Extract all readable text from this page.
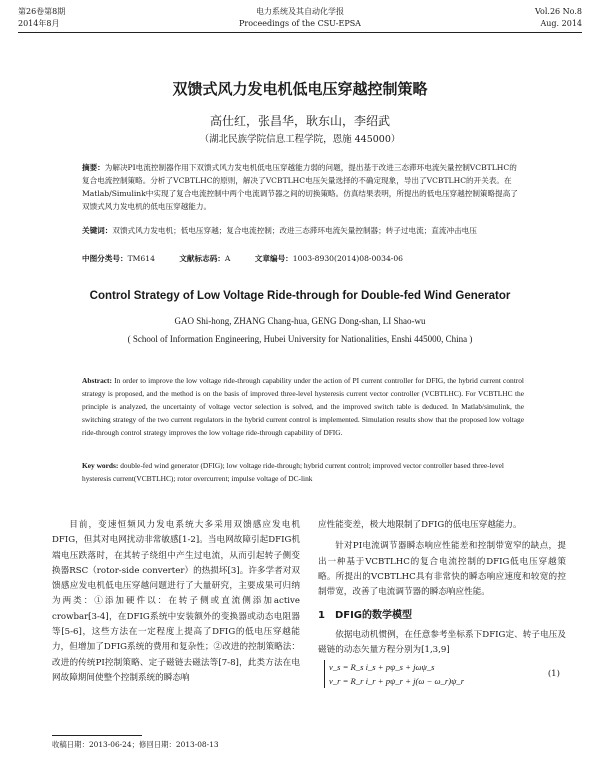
第26卷第8期	电力系统及其自动化学报	Vol.26 No.8
2014年8月	Proceedings of the CSU-EPSA	Aug. 2014
双馈式风力发电机低电压穿越控制策略
高仕红，张昌华，耿东山，李绍武
（湖北民族学院信息工程学院，恩施 445000）
摘要：为解决PI电流控制器作用下双馈式风力发电机低电压穿越能力弱的问题，提出基于改进三态滞环电流矢量控制VCBTLHC的复合电流控制策略。分析了VCBTLHC的原则，解决了VCBTLHC电压矢量选择的不确定现象，导出了VCBTLHC的开关表。在Matlab/Simulink中实现了复合电流控制中两个电流调节器之间的切换策略。仿真结果表明，所提出的低电压穿越控制策略提高了双馈式风力发电机的低电压穿越能力。
关键词：双馈式风力发电机；低电压穿越；复合电流控制；改进三态滞环电流矢量控制器；转子过电流；直流冲击电压
中图分类号：TM614	文献标志码：A	文章编号：1003-8930(2014)08-0034-06
Control Strategy of Low Voltage Ride-through for Double-fed Wind Generator
GAO Shi-hong, ZHANG Chang-hua, GENG Dong-shan, LI Shao-wu
( School of Information Engineering, Hubei University for Nationalities, Enshi 445000, China )
Abstract: In order to improve the low voltage ride-through capability under the action of PI current controller for DFIG, the hybrid current control strategy is proposed, and the method is on the basis of improved three-level hysteresis current vector controller (VCBTLHC). For VCBTLHC the principle is analyzed, the uncertainty of voltage vector selection is solved, and the improved switch table is deduced. In Matlab/simulink, the switching strategy of the two current regulators in the hybrid current control is implemented. Simulation results show that the proposed low voltage ride-through control strategy improves the low voltage ride-through capability of DFIG.
Key words: double-fed wind generator (DFIG); low voltage ride-through; hybrid current control; improved vector controller based three-level hysteresis current(VCBTLHC); rotor overcurrent; impulse voltage of DC-link
目前，变速恒频风力发电系统大多采用双馈感应发电机DFIG，但其对电网扰动非常敏感[1-2]。当电网故障引起DFIG机端电压跌落时，在其转子绕组中产生过电流，从而引起转子侧变换器RSC（rotor-side converter）的热损坏[3]。许多学者对双馈感应发电机低电压穿越问题进行了大量研究，主要成果可归纳为两类：①添加硬件以：在转子侧或直流侧添加active crowbar[3-4]，在DFIG系统中安装额外的变换器或动态电阻器等[5-6]，这些方法在一定程度上提高了DFIG的低电压穿越能力，但增加了DFIG系统的费用和复杂性；②改进的控制策略法：改进的传统PI控制策略、定子磁链去磁法等[7-8]，此类方法在电网故障期间使整个控制系统的瞬态响
应性能变差，极大地限制了DFIG的低电压穿越能力。
针对PI电流调节器瞬态响应性能差和控制带宽窄的缺点，提出一种基于VCBTLHC的复合电流控制的DFIG低电压穿越策略。所提出的VCBTLHC具有非常快的瞬态响应速度和较宽的控制带宽，改善了电流调节器的瞬态响应性能。
1　DFIG的数学模型
依据电动机惯例，在任意参考坐标系下DFIG定、转子电压及磁链的动态矢量方程分别为[1,3,9]
v_s = R_s i_s + pψ_s + jωψ_s
v_r = R_r i_r + pψ_r + j(ω − ω_r)ψ_r
(1)
收稿日期：2013-06-24；修回日期：2013-08-13
